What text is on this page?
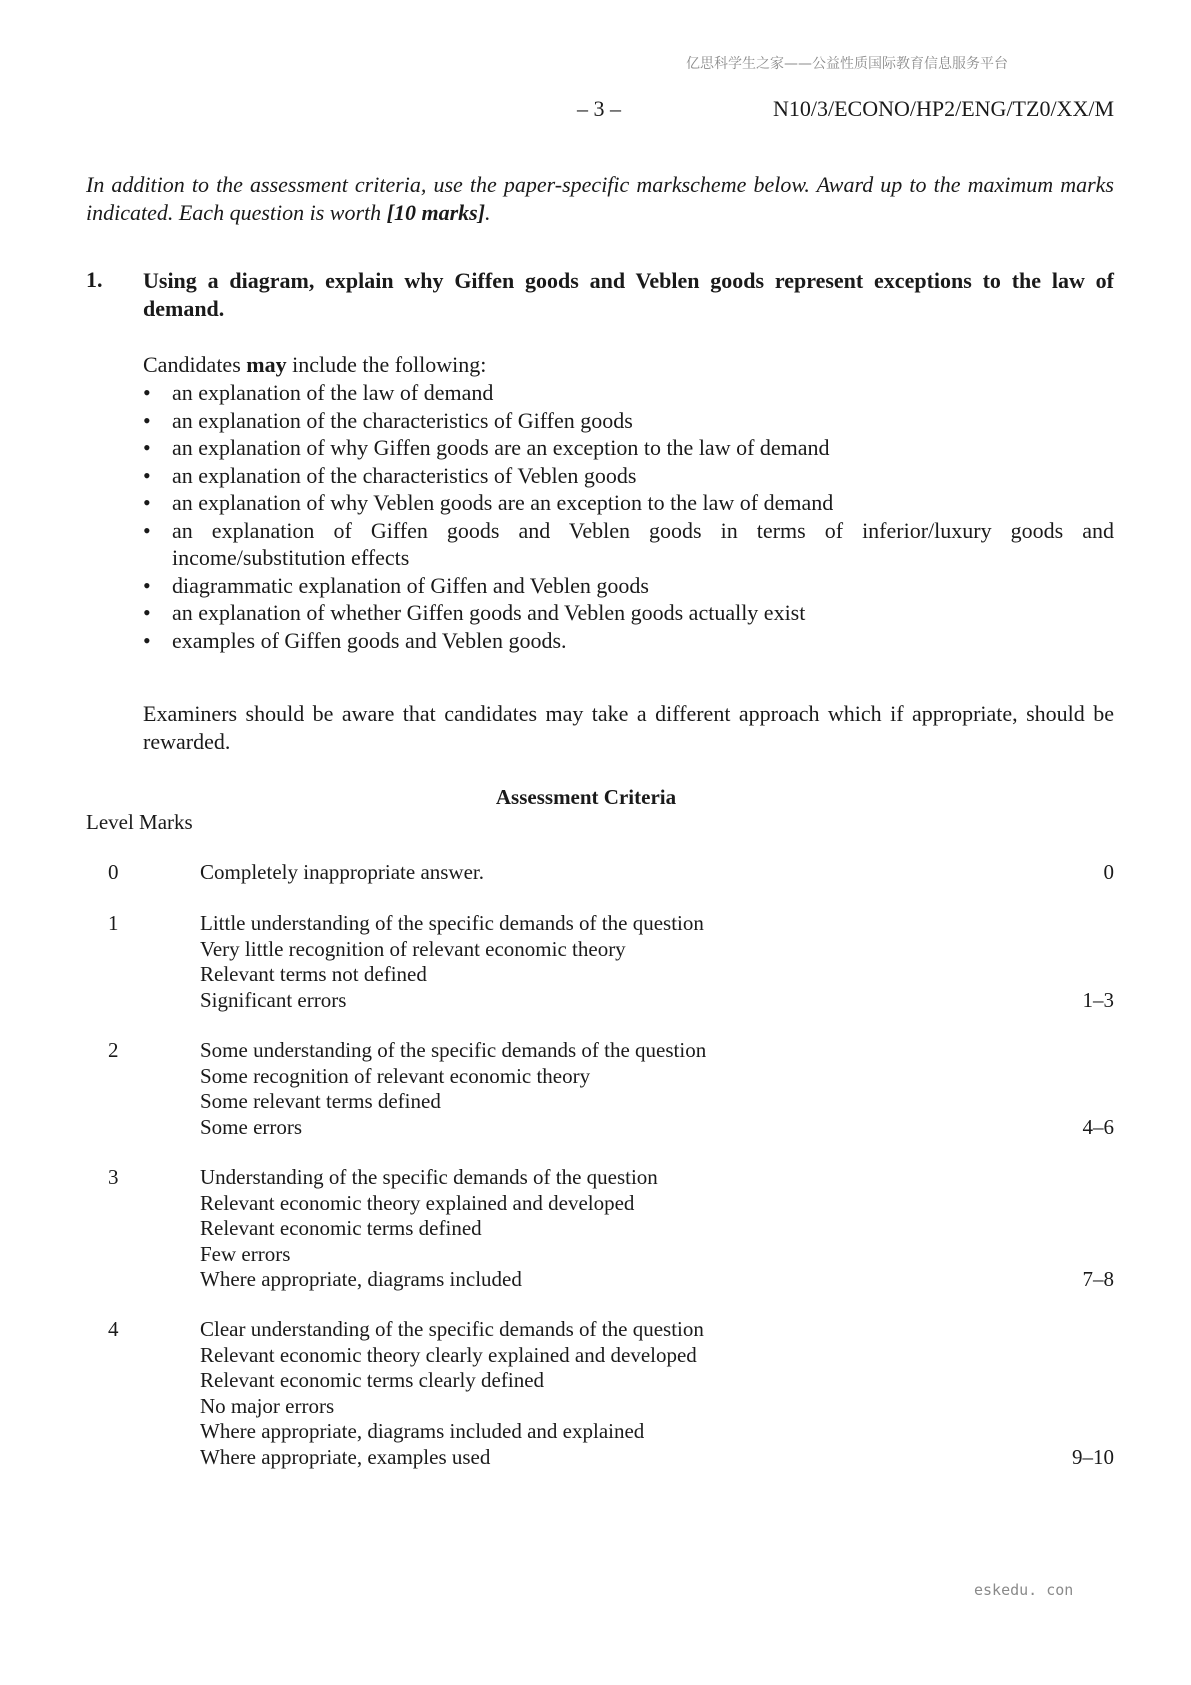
亿思科学生之家——公益性质国际教育信息服务平台
– 3 –	N10/3/ECONO/HP2/ENG/TZ0/XX/M
In addition to the assessment criteria, use the paper-specific markscheme below. Award up to the maximum marks indicated. Each question is worth [10 marks].
1. Using a diagram, explain why Giffen goods and Veblen goods represent exceptions to the law of demand.
Candidates may include the following:
• an explanation of the law of demand
• an explanation of the characteristics of Giffen goods
• an explanation of why Giffen goods are an exception to the law of demand
• an explanation of the characteristics of Veblen goods
• an explanation of why Veblen goods are an exception to the law of demand
• an explanation of Giffen goods and Veblen goods in terms of inferior/luxury goods and income/substitution effects
• diagrammatic explanation of Giffen and Veblen goods
• an explanation of whether Giffen goods and Veblen goods actually exist
• examples of Giffen goods and Veblen goods.
Examiners should be aware that candidates may take a different approach which if appropriate, should be rewarded.
Assessment Criteria
Level Marks
0	Completely inappropriate answer.	0
1	Little understanding of the specific demands of the question
Very little recognition of relevant economic theory
Relevant terms not defined
Significant errors	1–3
2	Some understanding of the specific demands of the question
Some recognition of relevant economic theory
Some relevant terms defined
Some errors	4–6
3	Understanding of the specific demands of the question
Relevant economic theory explained and developed
Relevant economic terms defined
Few errors
Where appropriate, diagrams included	7–8
4	Clear understanding of the specific demands of the question
Relevant economic theory clearly explained and developed
Relevant economic terms clearly defined
No major errors
Where appropriate, diagrams included and explained
Where appropriate, examples used	9–10
eskedu. con
